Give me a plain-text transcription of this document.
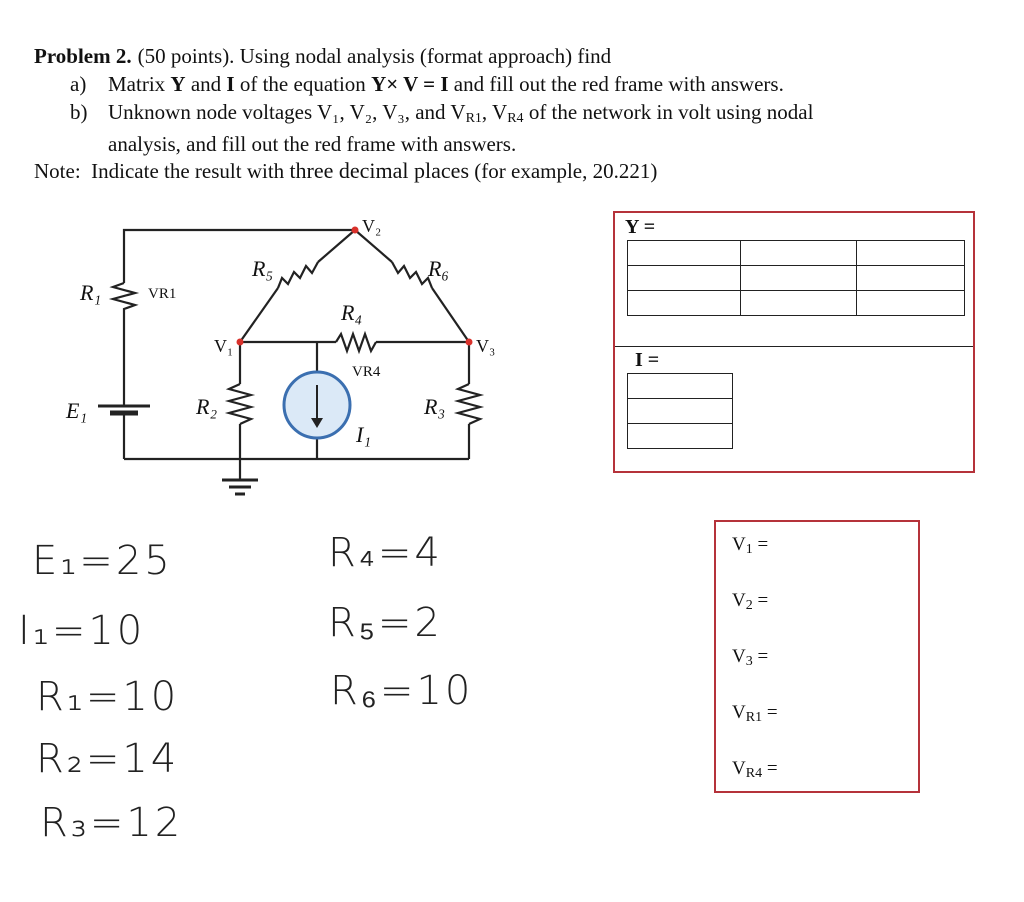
Problem 2. (50 points). Using nodal analysis (format approach) find
a)	Matrix Y and I of the equation Y× V = I and fill out the red frame with answers.
b) Unknown node voltages V₁, V₂, V₃, and $V_{R1}$, $V_{R4}$ of the network in volt using nodal
analysis, and fill out the red frame with answers.
Note: Indicate the result with three decimal places (for example, 20.221)
V₂
V₁	V₃
VR1
VR4
R₁
R₂	R₃
R₄
R₅	R₆
E₁
I₁
Y =

I =

$V_1$ =
$V_2$ =
$V_3$ =
$V_{R1}$ =
$V_{R4}$ =
E₁=25
I₁=10
R₁=10
R₂=14
R₃=12
R₄=4
R₅=2
R₆=10
